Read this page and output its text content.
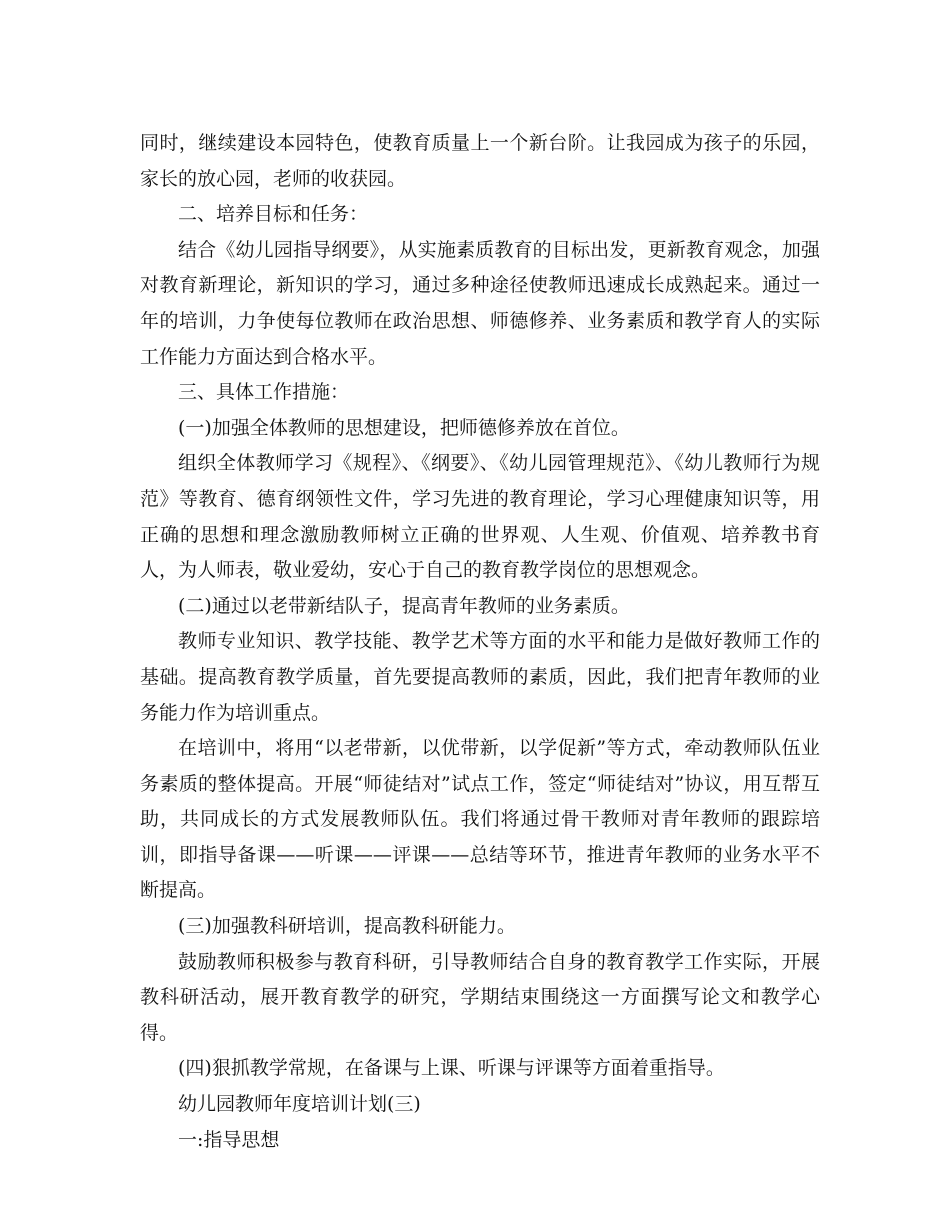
同时，继续建设本园特色，使教育质量上一个新台阶。让我园成为孩子的乐园，家长的放心园，老师的收获园。

二、培养目标和任务：

结合《幼儿园指导纲要》，从实施素质教育的目标出发，更新教育观念，加强对教育新理论，新知识的学习，通过多种途径使教师迅速成长成熟起来。通过一年的培训，力争使每位教师在政治思想、师德修养、业务素质和教学育人的实际工作能力方面达到合格水平。

三、具体工作措施：

(一)加强全体教师的思想建设，把师德修养放在首位。

组织全体教师学习《规程》、《纲要》、《幼儿园管理规范》、《幼儿教师行为规范》等教育、德育纲领性文件，学习先进的教育理论，学习心理健康知识等，用正确的思想和理念激励教师树立正确的世界观、人生观、价值观、培养教书育人，为人师表，敬业爱幼，安心于自己的教育教学岗位的思想观念。

(二)通过以老带新结队子，提高青年教师的业务素质。

教师专业知识、教学技能、教学艺术等方面的水平和能力是做好教师工作的基础。提高教育教学质量，首先要提高教师的素质，因此，我们把青年教师的业务能力作为培训重点。

在培训中，将用“以老带新，以优带新，以学促新”等方式，牵动教师队伍业务素质的整体提高。开展“师徒结对”试点工作，签定“师徒结对”协议，用互帮互助，共同成长的方式发展教师队伍。我们将通过骨干教师对青年教师的跟踪培训，即指导备课——听课——评课——总结等环节，推进青年教师的业务水平不断提高。

(三)加强教科研培训，提高教科研能力。

鼓励教师积极参与教育科研，引导教师结合自身的教育教学工作实际，开展教科研活动，展开教育教学的研究，学期结束围绕这一方面撰写论文和教学心得。

(四)狠抓教学常规，在备课与上课、听课与评课等方面着重指导。

幼儿园教师年度培训计划(三)

一:指导思想
